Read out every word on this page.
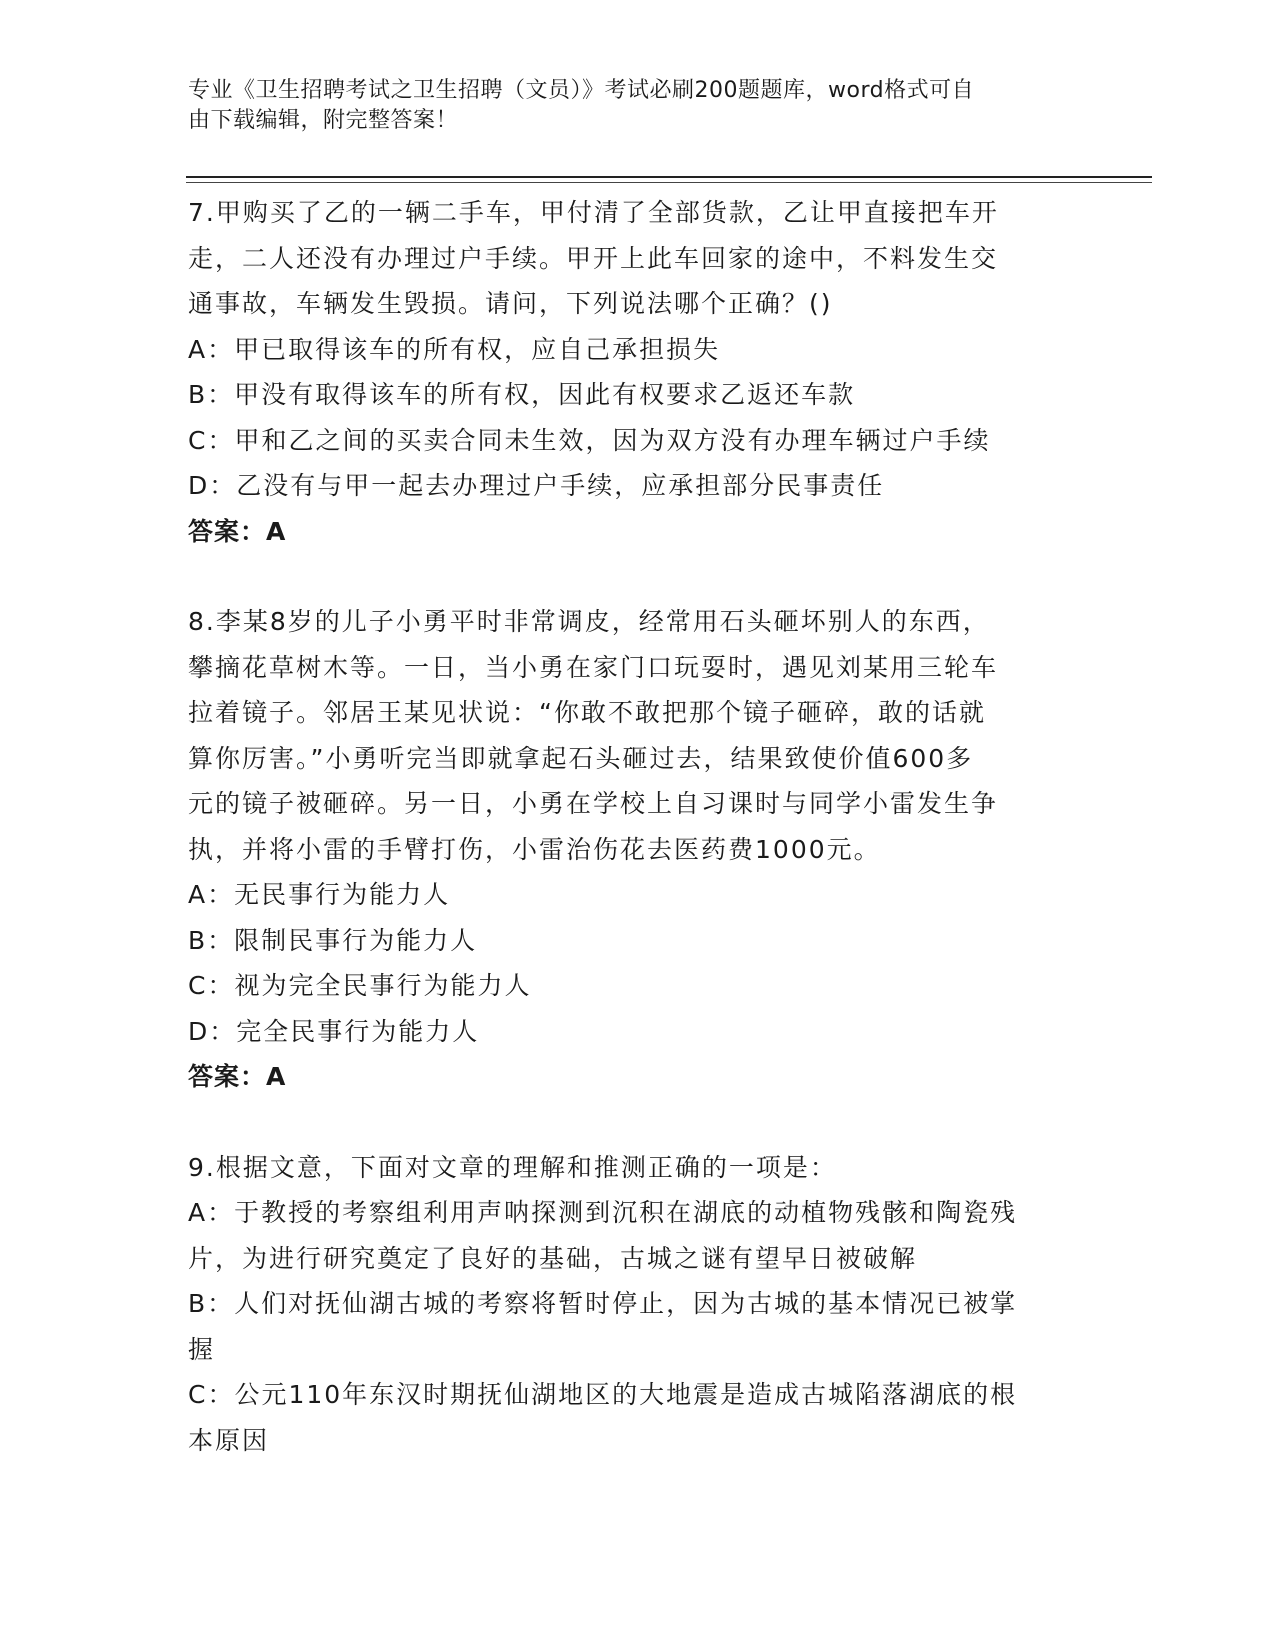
专业《卫生招聘考试之卫生招聘（文员）》考试必刷200题题库，word格式可自
由下载编辑，附完整答案！
7.甲购买了乙的一辆二手车，甲付清了全部货款，乙让甲直接把车开
走，二人还没有办理过户手续。甲开上此车回家的途中，不料发生交
通事故，车辆发生毁损。请问，下列说法哪个正确？()
A：甲已取得该车的所有权，应自己承担损失
B：甲没有取得该车的所有权，因此有权要求乙返还车款
C：甲和乙之间的买卖合同未生效，因为双方没有办理车辆过户手续
D：乙没有与甲一起去办理过户手续，应承担部分民事责任
答案：A
8.李某8岁的儿子小勇平时非常调皮，经常用石头砸坏别人的东西，
攀摘花草树木等。一日，当小勇在家门口玩耍时，遇见刘某用三轮车
拉着镜子。邻居王某见状说：“你敢不敢把那个镜子砸碎，敢的话就
算你厉害。”小勇听完当即就拿起石头砸过去，结果致使价值600多
元的镜子被砸碎。另一日，小勇在学校上自习课时与同学小雷发生争
执，并将小雷的手臂打伤，小雷治伤花去医药费1000元。
A：无民事行为能力人
B：限制民事行为能力人
C：视为完全民事行为能力人
D：完全民事行为能力人
答案：A
9.根据文意，下面对文章的理解和推测正确的一项是：
A：于教授的考察组利用声呐探测到沉积在湖底的动植物残骸和陶瓷残
片，为进行研究奠定了良好的基础，古城之谜有望早日被破解
B：人们对抚仙湖古城的考察将暂时停止，因为古城的基本情况已被掌
握
C：公元110年东汉时期抚仙湖地区的大地震是造成古城陷落湖底的根
本原因
